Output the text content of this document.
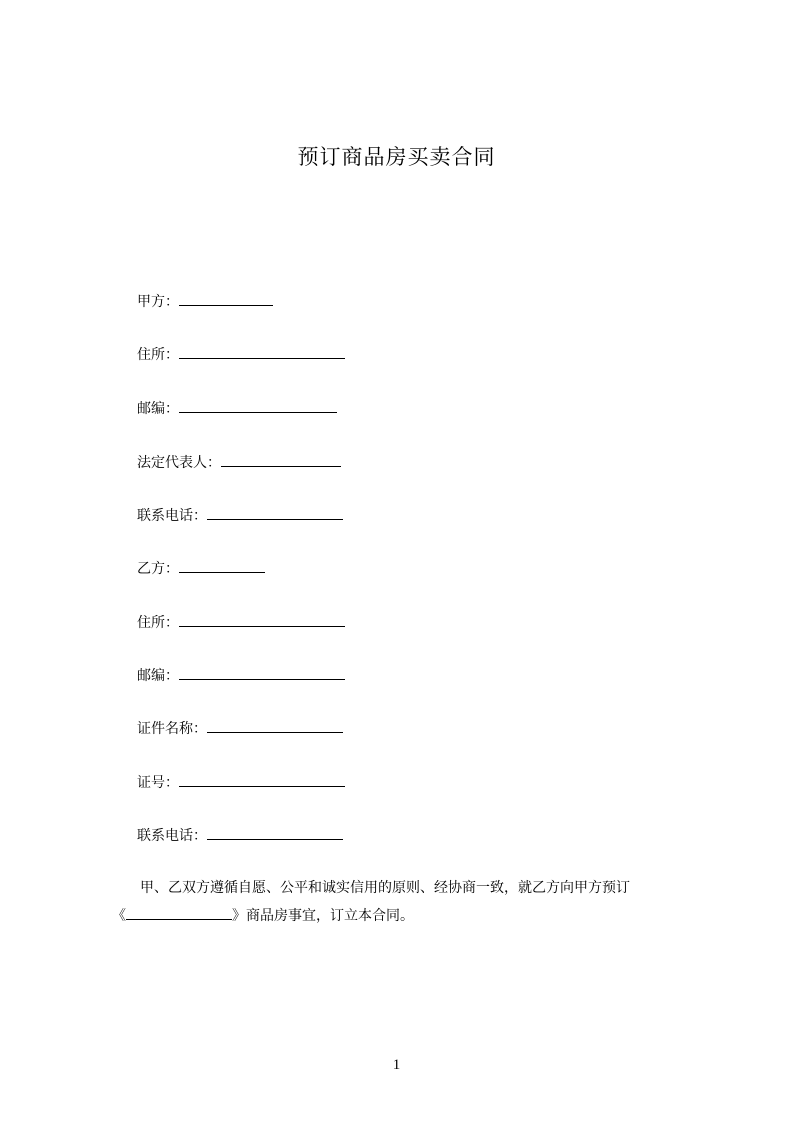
预订商品房买卖合同
甲方：
住所：
邮编：
法定代表人：
联系电话：
乙方：
住所：
邮编：
证件名称：
证号：
联系电话：
甲、乙双方遵循自愿、公平和诚实信用的原则、经协商一致，就乙方向甲方预订
《	》商品房事宜，订立本合同。
1
